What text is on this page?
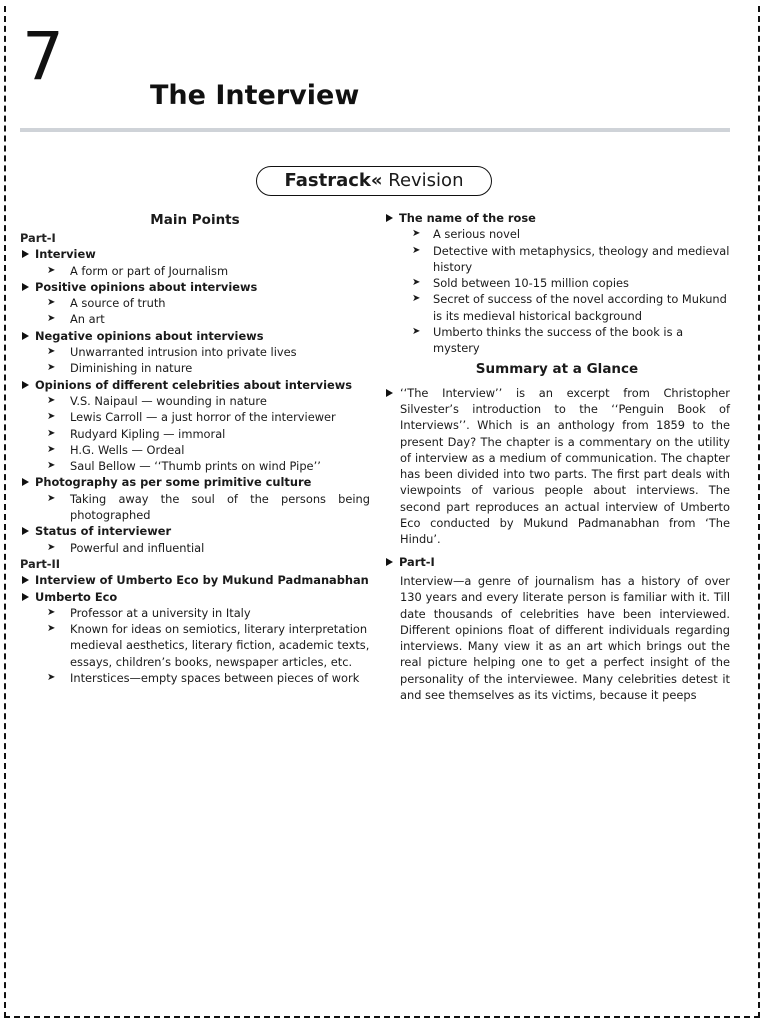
7
The Interview
Fastrack« Revision
Main Points
Part-I
Interview
➤ A form or part of Journalism
Positive opinions about interviews
➤ A source of truth
➤ An art
Negative opinions about interviews
➤ Unwarranted intrusion into private lives
➤ Diminishing in nature
Opinions of different celebrities about interviews
➤ V.S. Naipaul — wounding in nature
➤ Lewis Carroll — a just horror of the interviewer
➤ Rudyard Kipling — immoral
➤ H.G. Wells — Ordeal
➤ Saul Bellow — ‘‘Thumb prints on wind Pipe’’
Photography as per some primitive culture
➤ Taking away the soul of the persons being photographed
Status of interviewer
➤ Powerful and influential
Part-II
Interview of Umberto Eco by Mukund Padmanabhan
Umberto Eco
➤ Professor at a university in Italy
➤ Known for ideas on semiotics, literary interpretation medieval aesthetics, literary fiction, academic texts, essays, children’s books, newspaper articles, etc.
➤ Interstices—empty spaces between pieces of work
The name of the rose
➤ A serious novel
➤ Detective with metaphysics, theology and medieval history
➤ Sold between 10-15 million copies
➤ Secret of success of the novel according to Mukund is its medieval historical background
➤ Umberto thinks the success of the book is a mystery
Summary at a Glance
‘‘The Interview’’ is an excerpt from Christopher Silvester’s introduction to the ‘‘Penguin Book of Interviews’’. Which is an anthology from 1859 to the present Day? The chapter is a commentary on the utility of interview as a medium of communication. The chapter has been divided into two parts. The first part deals with viewpoints of various people about interviews. The second part reproduces an actual interview of Umberto Eco conducted by Mukund Padmanabhan from ‘The Hindu’.
Part-I
Interview—a genre of journalism has a history of over 130 years and every literate person is familiar with it. Till date thousands of celebrities have been interviewed. Different opinions float of different individuals regarding interviews. Many view it as an art which brings out the real picture helping one to get a perfect insight of the personality of the interviewee. Many celebrities detest it and see themselves as its victims, because it peeps
